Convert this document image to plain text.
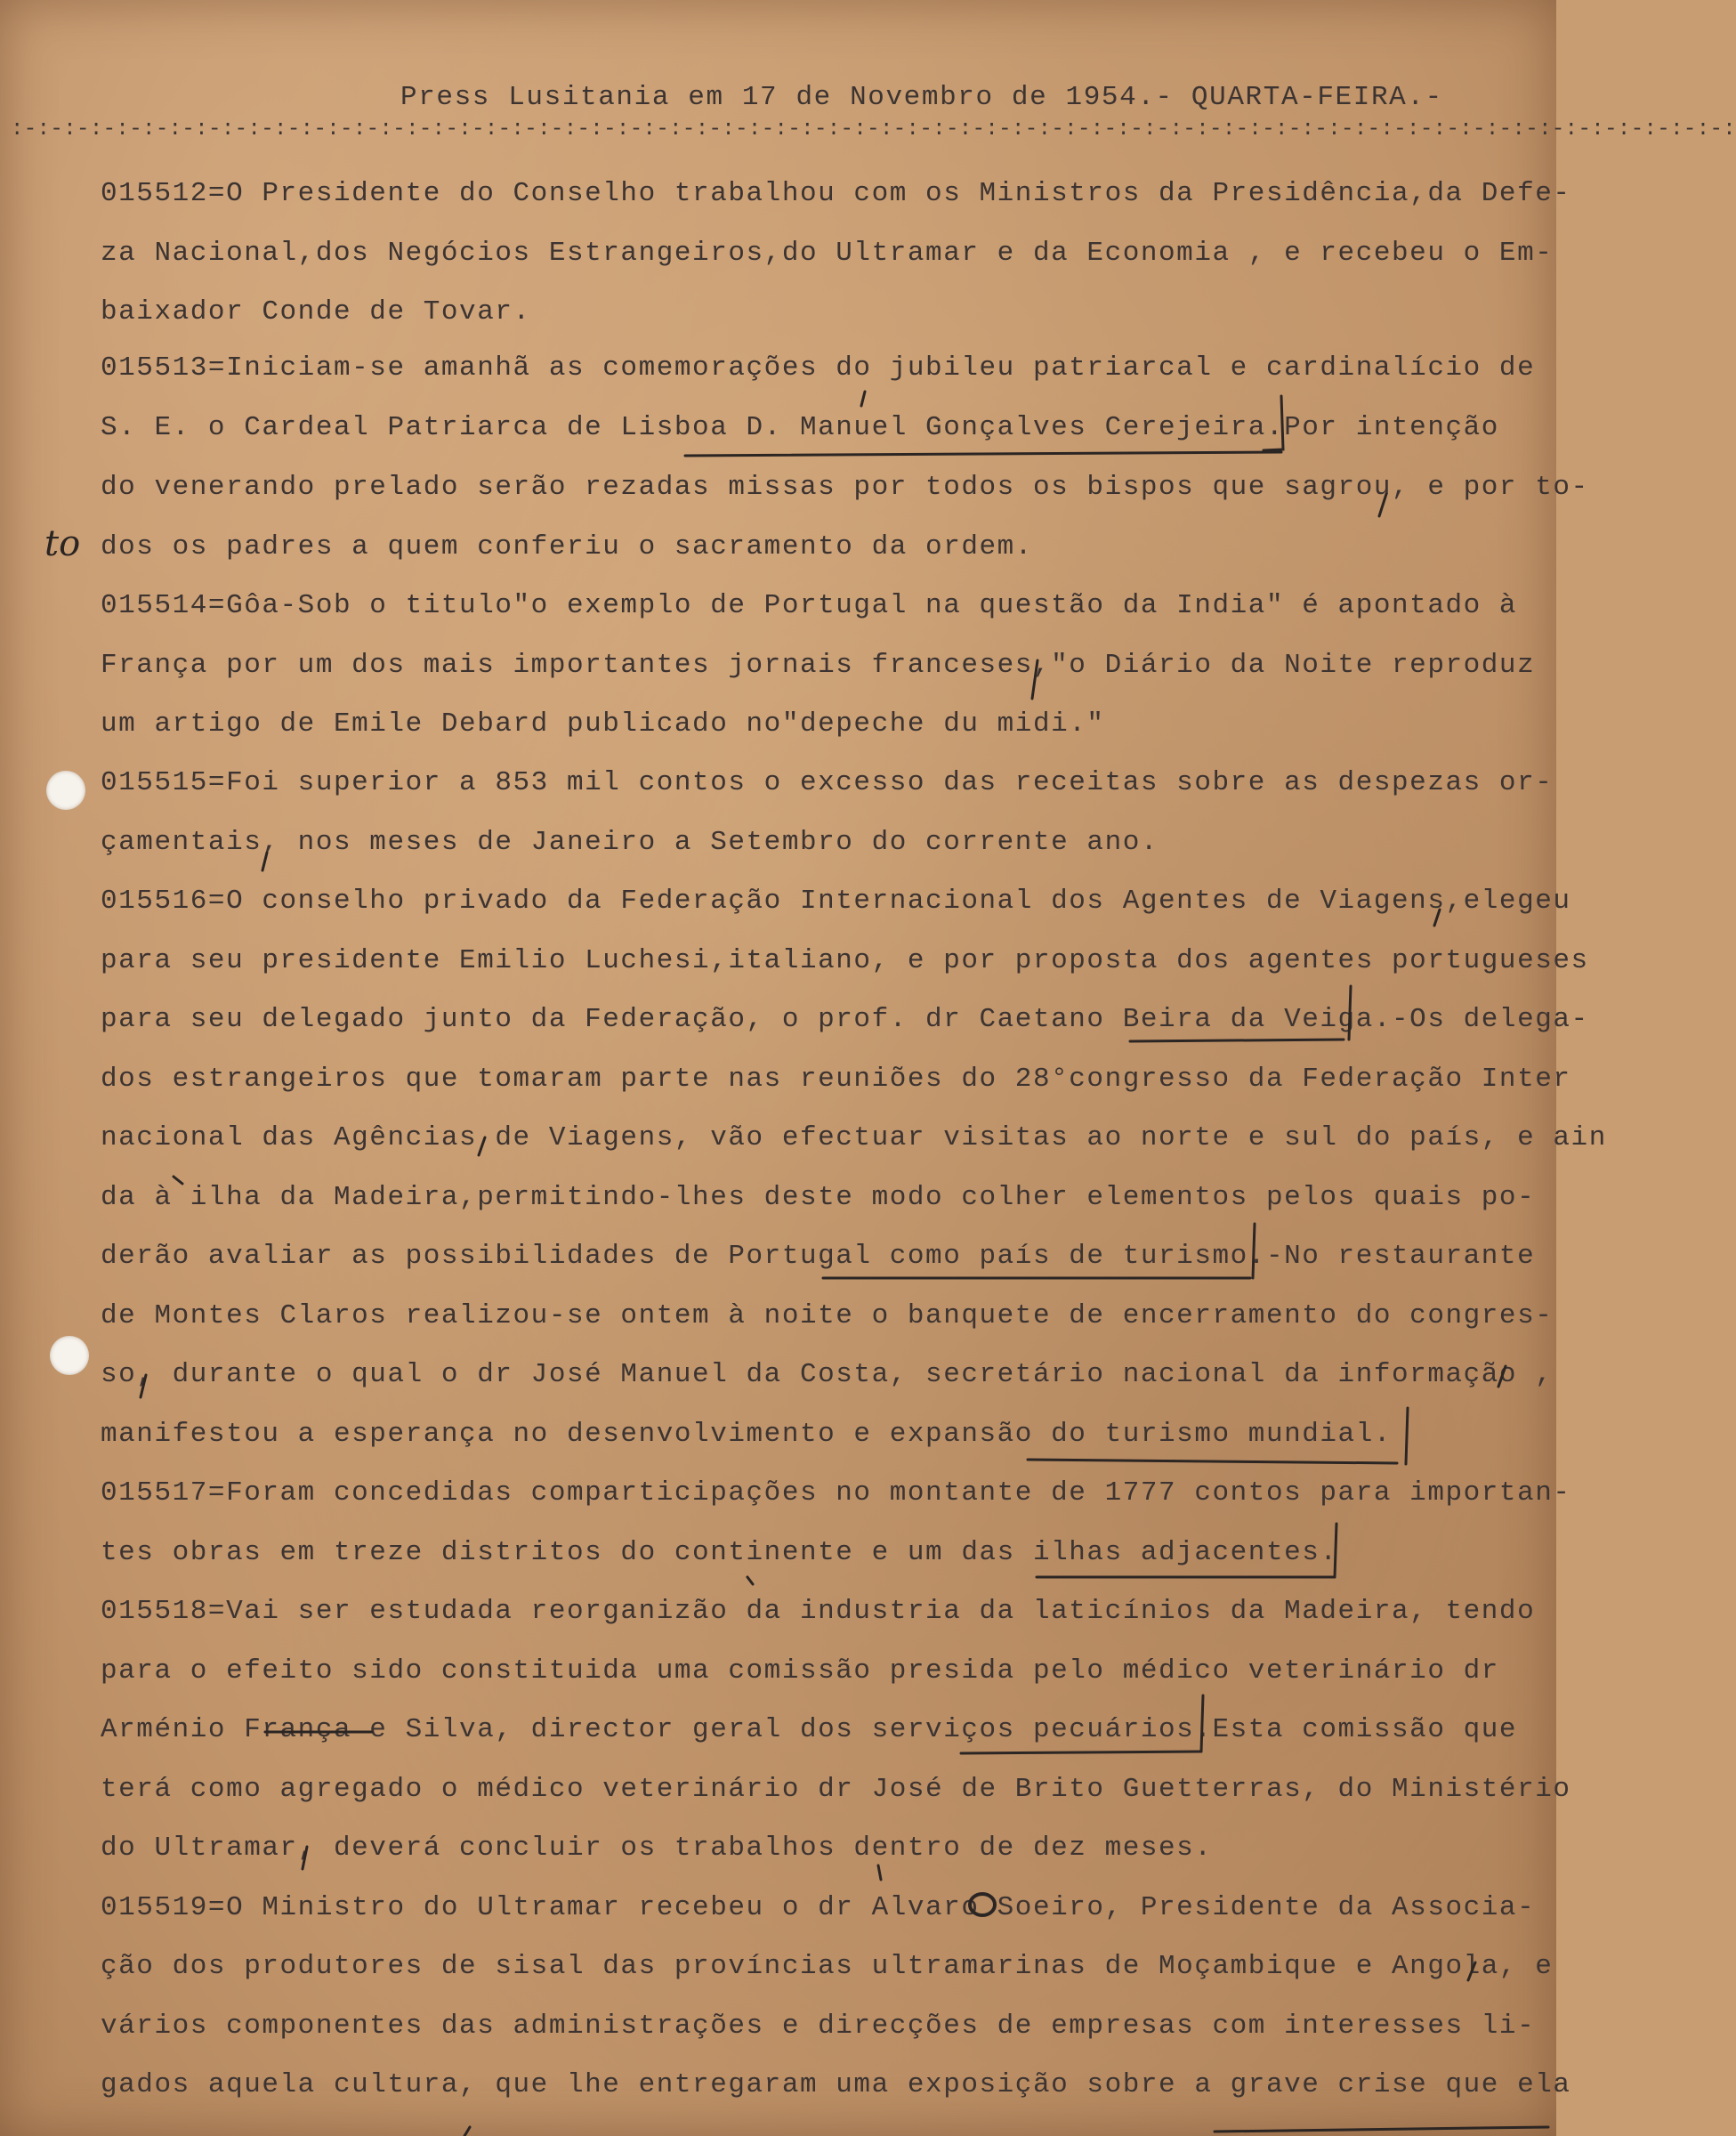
Press Lusitania em 17 de Novembro de 1954.- QUARTA-FEIRA.-
:-:-:-:-:-:-:-:-:-:-:-:-:-:-:-:-:-:-:-:-:-:-:-:-:-:-:-:-:-:-:-:-:-:-:-:-:-:-:-:-:-:-:-:-:-:-:-:-:-:-:-:-:-:-:-:-:-:-:-:-:-:-:-:-:-:
015512=O Presidente do Conselho trabalhou com os Ministros da Presidência,da Defe-
za Nacional,dos Negócios Estrangeiros,do Ultramar e da Economia , e recebeu o Em-
baixador Conde de Tovar.
015513=Iniciam-se amanhã as comemorações do jubileu patriarcal e cardinalício de
S. E. o Cardeal Patriarca de Lisboa D. Manuel Gonçalves Cerejeira.Por intenção
do venerando prelado serão rezadas missas por todos os bispos que sagrou, e por to-
dos os padres a quem conferiu o sacramento da ordem.
015514=Gôa-Sob o titulo"o exemplo de Portugal na questão da India" é apontado à
França por um dos mais importantes jornais franceses,"o Diário da Noite reproduz
um artigo de Emile Debard publicado no"depeche du midi."
015515=Foi superior a 853 mil contos o excesso das receitas sobre as despezas or-
çamentais, nos meses de Janeiro a Setembro do corrente ano.
015516=O conselho privado da Federação Internacional dos Agentes de Viagens,elegeu
para seu presidente Emilio Luchesi,italiano, e por proposta dos agentes portugueses
para seu delegado junto da Federação, o prof. dr Caetano Beira da Veiga.-Os delega-
dos estrangeiros que tomaram parte nas reuniões do 28°congresso da Federação Inter
nacional das Agências de Viagens, vão efectuar visitas ao norte e sul do país, e ain
da à ilha da Madeira,permitindo-lhes deste modo colher elementos pelos quais po-
derão avaliar as possibilidades de Portugal como país de turismo.-No restaurante
de Montes Claros realizou-se ontem à noite o banquete de encerramento do congres-
so, durante o qual o dr José Manuel da Costa, secretário nacional da informação ,
manifestou a esperança no desenvolvimento e expansão do turismo mundial.
015517=Foram concedidas comparticipações no montante de 1777 contos para importan-
tes obras em treze distritos do continente e um das ilhas adjacentes.
015518=Vai ser estudada reorganizão da industria da laticínios da Madeira, tendo
para o efeito sido constituida uma comissão presida pelo médico veterinário dr
Arménio França e Silva, director geral dos serviços pecuários.Esta comissão que
terá como agregado o médico veterinário dr José de Brito Guetterras, do Ministério
do Ultramar, deverá concluir os trabalhos dentro de dez meses.
015519=O Ministro do Ultramar recebeu o dr Alvaro Soeiro, Presidente da Associa-
ção dos produtores de sisal das províncias ultramarinas de Moçambique e Angola, e
vários componentes das administrações e direcções de empresas com interesses li-
gados aquela cultura, que lhe entregaram uma exposição sobre a grave crise que ela
to
